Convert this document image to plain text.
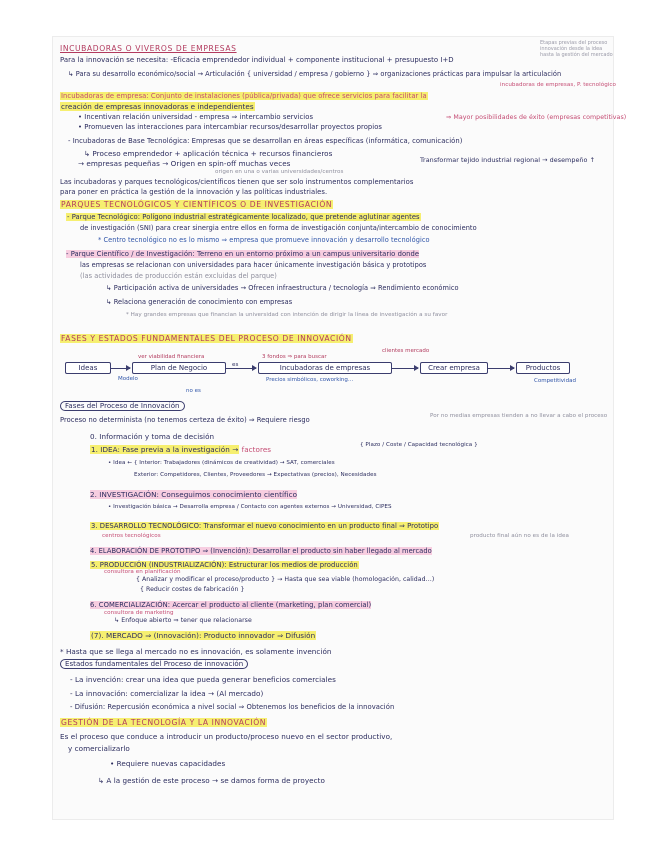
Etapas previas del proceso
innovación desde la idea
hasta la gestión del mercado
INCUBADORAS O VIVEROS DE EMPRESAS
Para la innovación se necesita: -Eficacia emprendedor individual + componente institucional + presupuesto I+D
↳ Para su desarrollo económico/social → Articulación { universidad / empresa / gobierno } ⇒ organizaciones prácticas para impulsar la articulación
incubadoras de empresas, P. tecnológico
Incubadoras de empresa: Conjunto de instalaciones (pública/privada) que ofrece servicios para facilitar la
creación de empresas innovadoras e independientes
• Incentivan relación universidad - empresa ⇒ intercambio servicios	⇒ Mayor posibilidades de éxito (empresas competitivas)
• Promueven las interacciones para intercambiar recursos/desarrollar proyectos propios
- Incubadoras de Base Tecnológica: Empresas que se desarrollan en áreas específicas (informática, comunicación)
↳ Proceso emprendedor + aplicación técnica + recursos financieros
→ empresas pequeñas → Origen en spin-off muchas veces	Transformar tejido industrial regional → desempeño ↑
origen en una o varias universidades/centros
Las incubadoras y parques tecnológicos/científicos tienen que ser solo instrumentos complementarios
para poner en práctica la gestión de la innovación y las políticas industriales.
PARQUES TECNOLÓGICOS Y CIENTÍFICOS O DE INVESTIGACIÓN
- Parque Tecnológico: Polígono industrial estratégicamente localizado, que pretende aglutinar agentes
de investigación (SNI) para crear sinergia entre ellos en forma de investigación conjunta/intercambio de conocimiento
* Centro tecnológico no es lo mismo ⇒ empresa que promueve innovación y desarrollo tecnológico
- Parque Científico / de Investigación: Terreno en un entorno próximo a un campus universitario donde
las empresas se relacionan con universidades para hacer únicamente investigación básica y prototipos
(las actividades de producción están excluidas del parque)
↳ Participación activa de universidades → Ofrecen infraestructura / tecnología ⇒ Rendimiento económico
↳ Relaciona generación de conocimiento con empresas
* Hay grandes empresas que financian la universidad con intención de dirigir la línea de investigación a su favor
FASES Y ESTADOS FUNDAMENTALES DEL PROCESO DE INNOVACIÓN
Ideas	Plan de Negocio	es	Incubadoras de empresas	Crear empresa	Productos
ver viabilidad financiera
Modelo
no es
3 fondos ⇒ para buscar
clientes mercado
Precios simbólicos, coworking…	Competitividad
Fases del Proceso de Innovación
Proceso no determinista (no tenemos certeza de éxito) ⇒ Requiere riesgo	Por no medias empresas tienden a no llevar a cabo el proceso
0. Información y toma de decisión
1. IDEA: Fase previa a la investigación → factores	{ Plazo / Coste / Capacidad tecnológica }
• Idea ← { Interior: Trabajadores (dinámicos de creatividad) → SAT, comerciales
Exterior: Competidores, Clientes, Proveedores → Expectativas (precios), Necesidades
2. INVESTIGACIÓN: Conseguimos conocimiento científico
• Investigación básica → Desarrolla empresa / Contacto con agentes externos → Universidad, CIPES
3. DESARROLLO TECNOLÓGICO: Transformar el nuevo conocimiento en un producto final ⇒ Prototipo
centros tecnológicos	producto final aún no es de la idea
4. ELABORACIÓN DE PROTOTIPO ⇒ (Invención): Desarrollar el producto sin haber llegado al mercado
5. PRODUCCIÓN (INDUSTRIALIZACIÓN): Estructurar los medios de producción
consultora en planificación
{ Analizar y modificar el proceso/producto } → Hasta que sea viable (homologación, calidad…)
{ Reducir costes de fabricación }
6. COMERCIALIZACIÓN: Acercar el producto al cliente (marketing, plan comercial)
consultora de marketing
↳ Enfoque abierto ⇒ tener que relacionarse
(7). MERCADO ⇒ (Innovación): Producto innovador ⇒ Difusión
* Hasta que se llega al mercado no es innovación, es solamente invención
Estados fundamentales del Proceso de innovación
- La invención: crear una idea que pueda generar beneficios comerciales
- La innovación: comercializar la idea → (Al mercado)
- Difusión: Repercusión económica a nivel social ⇒ Obtenemos los beneficios de la innovación
GESTIÓN DE LA TECNOLOGÍA Y LA INNOVACIÓN
Es el proceso que conduce a introducir un producto/proceso nuevo en el sector productivo,
y comercializarlo
• Requiere nuevas capacidades
↳ A la gestión de este proceso → se damos forma de proyecto
